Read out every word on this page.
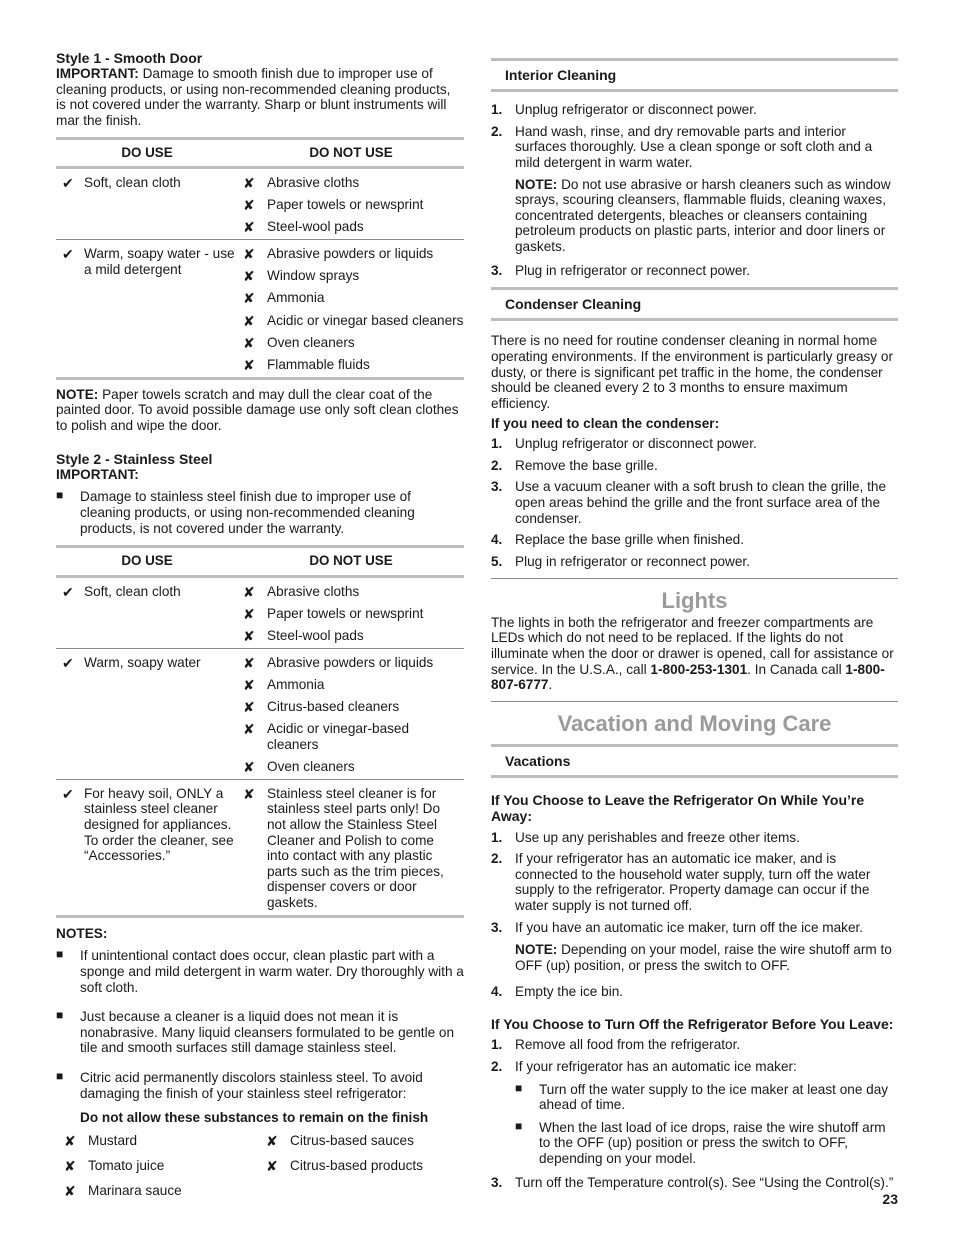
Style 1 - Smooth Door

IMPORTANT: Damage to smooth finish due to improper use of cleaning products, or using non-recommended cleaning products, is not covered under the warranty. Sharp or blunt instruments will mar the finish.

DO USE	DO NOT USE
✔ Soft, clean cloth	✘ Abrasive cloths
✘ Paper towels or newsprint
✘ Steel-wool pads
✔ Warm, soapy water - use a mild detergent
✘ Abrasive powders or liquids
✘ Window sprays
✘ Ammonia
✘ Acidic or vinegar based cleaners
✘ Oven cleaners
✘ Flammable fluids

NOTE: Paper towels scratch and may dull the clear coat of the painted door. To avoid possible damage use only soft clean clothes to polish and wipe the door.

Style 2 - Stainless Steel

IMPORTANT:

■	Damage to stainless steel finish due to improper use of cleaning products, or using non-recommended cleaning products, is not covered under the warranty.
DO USE	DO NOT USE
✔ Soft, clean cloth	✘ Abrasive cloths
✘ Paper towels or newsprint
✘ Steel-wool pads
✔ Warm, soapy water	✘ Abrasive powders or liquids
✘ Ammonia
✘ Citrus-based cleaners
✘ Acidic or vinegar-based cleaners
✘ Oven cleaners
✔ For heavy soil, ONLY a stainless steel cleaner designed for appliances. To order the cleaner, see “Accessories.”
✘ Stainless steel cleaner is for stainless steel parts only! Do not allow the Stainless Steel Cleaner and Polish to come into contact with any plastic parts such as the trim pieces, dispenser covers or door gaskets.

NOTES:

■	If unintentional contact does occur, clean plastic part with a sponge and mild detergent in warm water. Dry thoroughly with a soft cloth.
■	Just because a cleaner is a liquid does not mean it is nonabrasive. Many liquid cleansers formulated to be gentle on tile and smooth surfaces still damage stainless steel.
■	Citric acid permanently discolors stainless steel. To avoid damaging the finish of your stainless steel refrigerator:

Do not allow these substances to remain on the finish

✘ Mustard
✘ Tomato juice
✘ Marinara sauce
✘ Citrus-based sauces
✘ Citrus-based products
Interior Cleaning
1. Unplug refrigerator or disconnect power.
2. Hand wash, rinse, and dry removable parts and interior surfaces thoroughly. Use a clean sponge or soft cloth and a mild detergent in warm water.

NOTE: Do not use abrasive or harsh cleaners such as window sprays, scouring cleansers, flammable fluids, cleaning waxes, concentrated detergents, bleaches or cleansers containing petroleum products on plastic parts, interior and door liners or gaskets.

3. Plug in refrigerator or reconnect power.
Condenser Cleaning

There is no need for routine condenser cleaning in normal home operating environments. If the environment is particularly greasy or dusty, or there is significant pet traffic in the home, the condenser should be cleaned every 2 to 3 months to ensure maximum efficiency.

If you need to clean the condenser:

1. Unplug refrigerator or disconnect power.
2. Remove the base grille.
3. Use a vacuum cleaner with a soft brush to clean the grille, the open areas behind the grille and the front surface area of the condenser.
4. Replace the base grille when finished.
5. Plug in refrigerator or reconnect power.

Lights

The lights in both the refrigerator and freezer compartments are LEDs which do not need to be replaced. If the lights do not illuminate when the door or drawer is opened, call for assistance or service. In the U.S.A., call 1-800-253-1301. In Canada call 1-800-807-6777.

Vacation and Moving Care

Vacations

If You Choose to Leave the Refrigerator On While You’re Away:

1. Use up any perishables and freeze other items.
2. If your refrigerator has an automatic ice maker, and is connected to the household water supply, turn off the water supply to the refrigerator. Property damage can occur if the water supply is not turned off.
3. If you have an automatic ice maker, turn off the ice maker.

NOTE: Depending on your model, raise the wire shutoff arm to OFF (up) position, or press the switch to OFF.

4. Empty the ice bin.

If You Choose to Turn Off the Refrigerator Before You Leave:

1. Remove all food from the refrigerator.
2. If your refrigerator has an automatic ice maker:

■	Turn off the water supply to the ice maker at least one day ahead of time.
■	When the last load of ice drops, raise the wire shutoff arm to the OFF (up) position or press the switch to OFF, depending on your model.
3. Turn off the Temperature control(s). See “Using the Control(s).”
23
